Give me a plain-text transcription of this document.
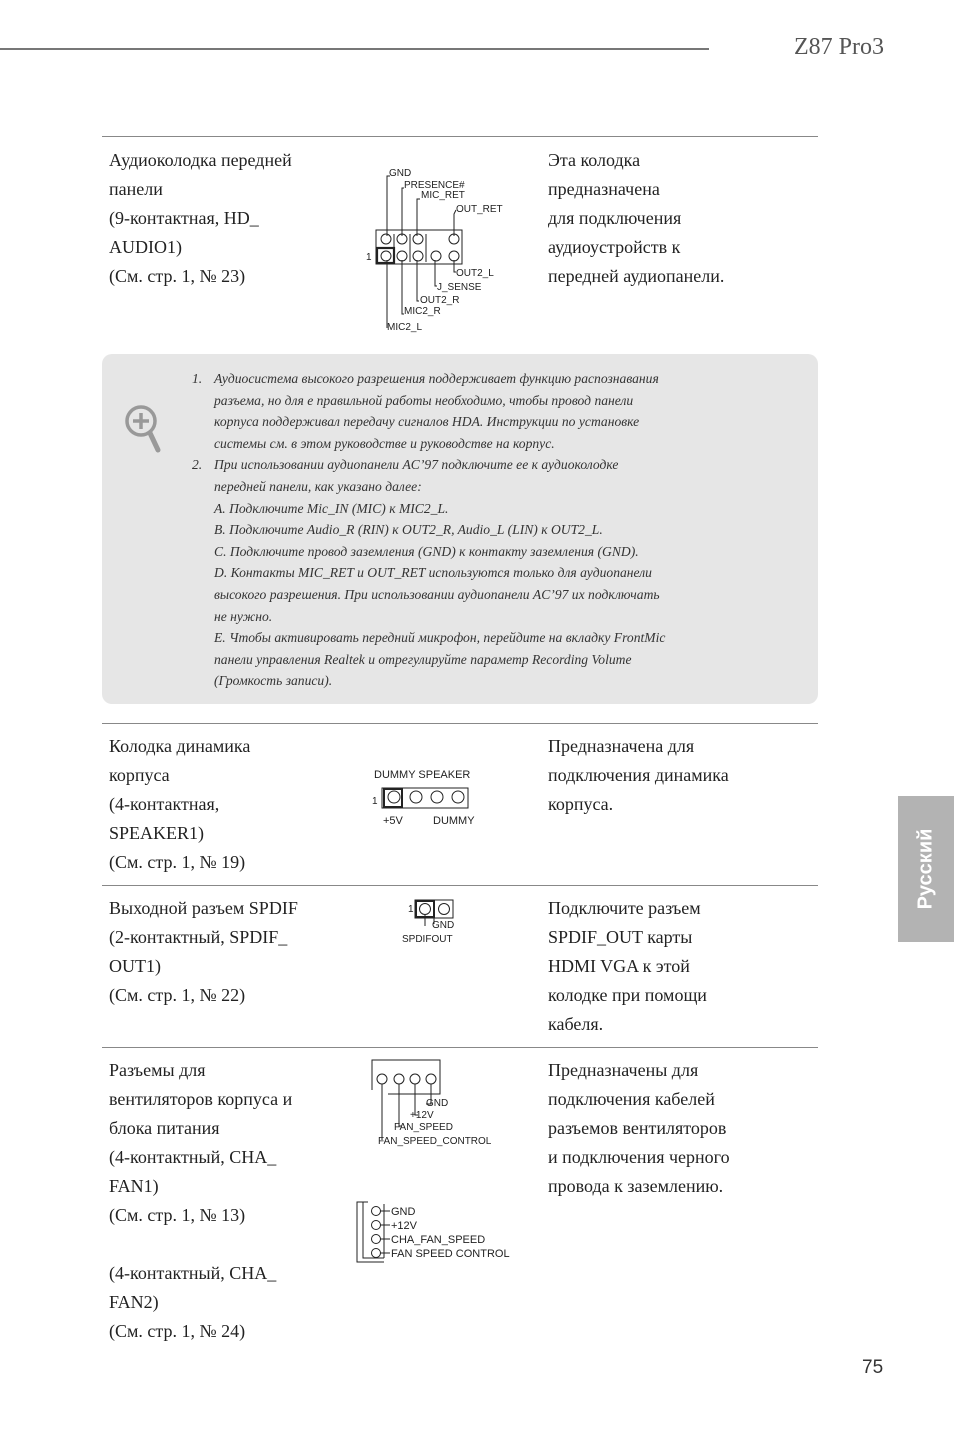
Z87 Pro3
Аудиоколодка передней
панели
(9-контактная, HD_
AUDIO1)
(См. стр. 1, № 23)
Эта колодка
предназначена
для подключения
аудиоустройств к
передней аудиопанели.
1
GND
PRESENCE#
MIC_RET
OUT_RET
OUT2_L
J_SENSE
OUT2_R
MIC2_R
MIC2_L
1. Аудиосистема высокого разрешения поддерживает функцию распознавания
разъема, но для е правильной работы необходимо, чтобы провод панели
корпуса поддерживал передачу сигналов HDA. Инструкции по установке
системы см. в этом руководстве и руководстве на корпус.
2. При использовании аудиопанели AC’97 подключите ее к аудиоколодке
передней панели, как указано далее:
A. Подключите Mic_IN (MIC) к MIC2_L.
B. Подключите Audio_R (RIN) к OUT2_R, Audio_L (LIN) к OUT2_L.
C. Подключите провод заземления (GND) к контакту заземления (GND).
D. Контакты MIC_RET и OUT_RET используются только для аудиопанели
высокого разрешения. При использовании аудиопанели AC’97 их подключать
не нужно.
E. Чтобы активировать передний микрофон, перейдите на вкладку FrontMic
панели управления Realtek и отрегулируйте параметр Recording Volume
(Громкость записи).
Колодка динамика
корпуса
(4-контактная,
SPEAKER1)
(См. стр. 1, № 19)
Предназначена для
подключения динамика
корпуса.
DUMMY SPEAKER
1
+5V	DUMMY
Выходной разъем SPDIF
(2-контактный, SPDIF_
OUT1)
(См. стр. 1, № 22)
Подключите разъем
SPDIF_OUT карты
HDMI VGA к этой
колодке при помощи
кабеля.
1
GND
SPDIFOUT
Разъемы для
вентиляторов корпуса и
блока питания
(4-контактный, CHA_
FAN1)
(См. стр. 1, № 13)
(4-контактный, CHA_
FAN2)
(См. стр. 1, № 24)
Предназначены для
подключения кабелей
разъемов вентиляторов
и подключения черного
провода к заземлению.
GND
+12V
FAN_SPEED
FAN_SPEED_CONTROL
GND
+12V
CHA_FAN_SPEED
FAN SPEED CONTROL
Русский
75
